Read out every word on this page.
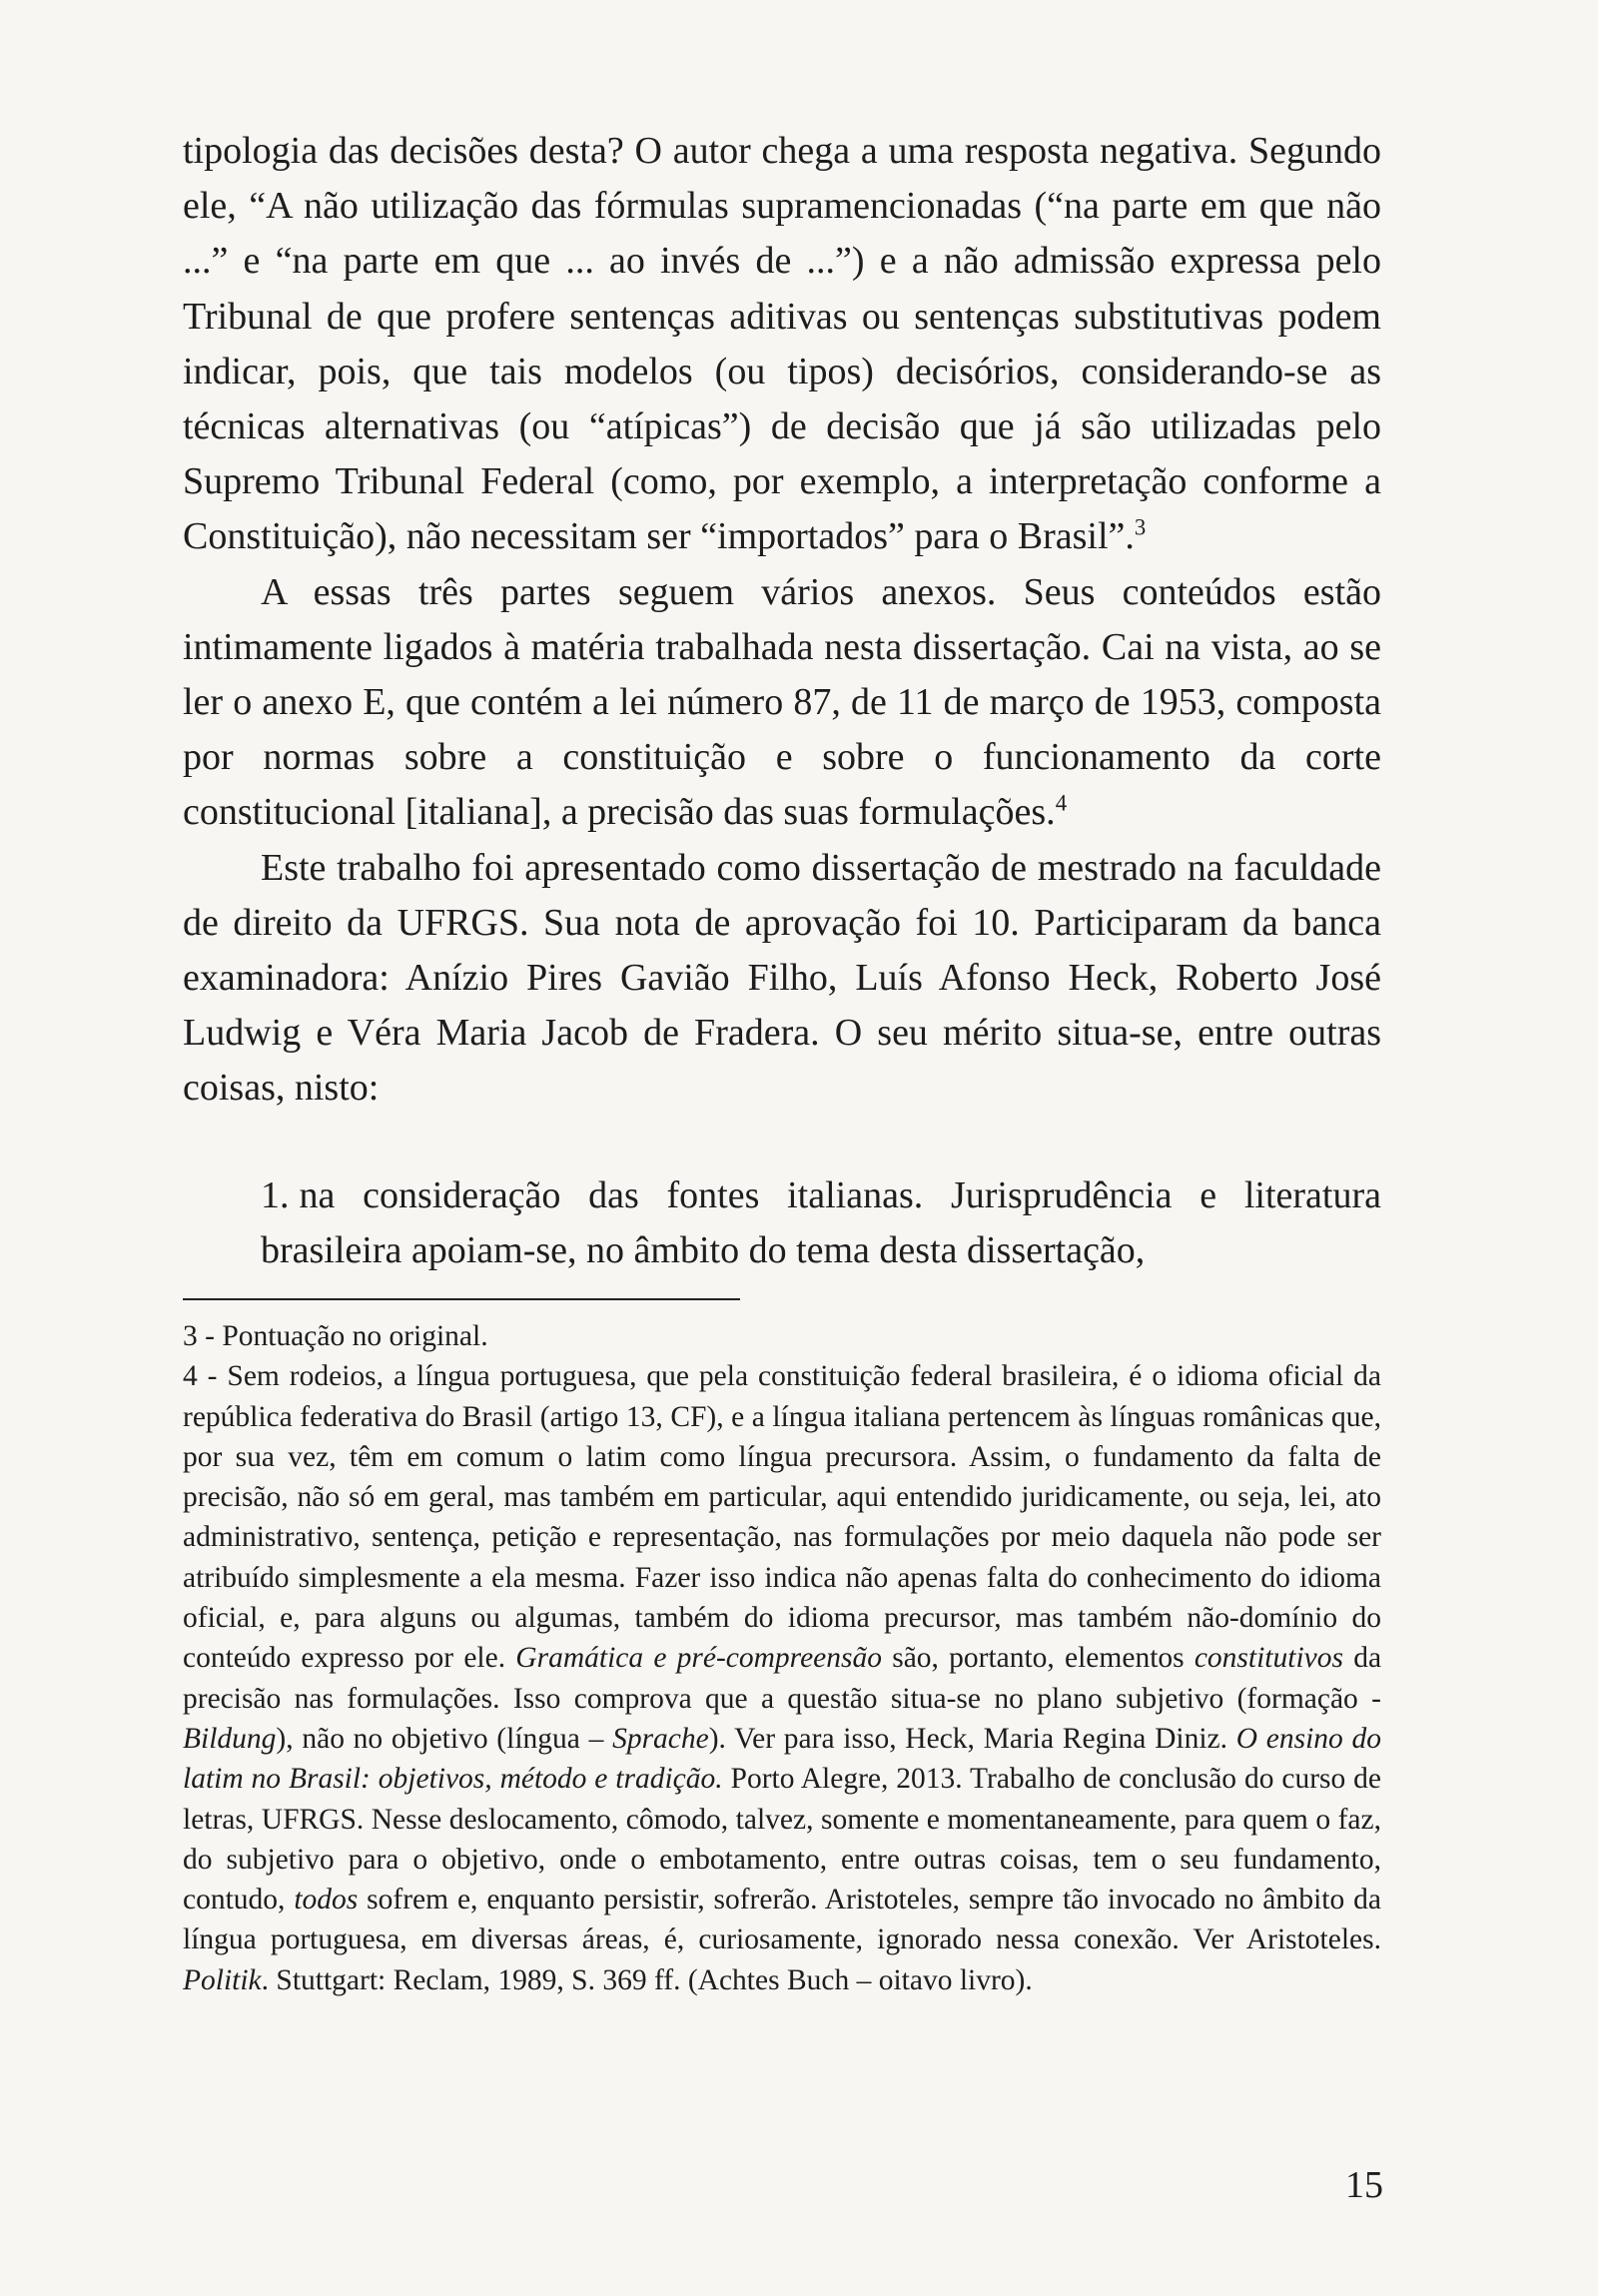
tipologia das decisões desta? O autor chega a uma resposta negativa. Segundo ele, “A não utilização das fórmulas supramencionadas (“na parte em que não ...” e “na parte em que ... ao invés de ...”) e a não admissão expressa pelo Tribunal de que profere sentenças aditivas ou sentenças substitutivas podem indicar, pois, que tais modelos (ou tipos) decisórios, considerando-se as técnicas alternativas (ou “atípicas”) de decisão que já são utilizadas pelo Supremo Tribunal Federal (como, por exemplo, a interpretação conforme a Constituição), não necessitam ser “importados” para o Brasil”.$^3$

A essas três partes seguem vários anexos. Seus conteúdos estão intimamente ligados à matéria trabalhada nesta dissertação. Cai na vista, ao se ler o anexo E, que contém a lei número 87, de 11 de março de 1953, composta por normas sobre a constituição e sobre o funcionamento da corte constitucional [italiana], a precisão das suas formulações.$^4$

Este trabalho foi apresentado como dissertação de mestrado na faculdade de direito da UFRGS. Sua nota de aprovação foi 10. Participaram da banca examinadora: Anízio Pires Gavião Filho, Luís Afonso Heck, Roberto José Ludwig e Véra Maria Jacob de Fradera. O seu mérito situa-se, entre outras coisas, nisto:

1. na consideração das fontes italianas. Jurisprudência e literatura brasileira apoiam-se, no âmbito do tema desta dissertação,

3 - Pontuação no original.

4 - Sem rodeios, a língua portuguesa, que pela constituição federal brasileira, é o idioma oficial da república federativa do Brasil (artigo 13, CF), e a língua italiana pertencem às línguas românicas que, por sua vez, têm em comum o latim como língua precursora. Assim, o fundamento da falta de precisão, não só em geral, mas também em particular, aqui entendido juridicamente, ou seja, lei, ato administrativo, sentença, petição e representação, nas formulações por meio daquela não pode ser atribuído simplesmente a ela mesma. Fazer isso indica não apenas falta do conhecimento do idioma oficial, e, para alguns ou algumas, também do idioma precursor, mas também não-domínio do conteúdo expresso por ele. Gramática e pré-compreensão são, portanto, elementos constitutivos da precisão nas formulações. Isso comprova que a questão situa-se no plano subjetivo (formação - Bildung), não no objetivo (língua – Sprache). Ver para isso, Heck, Maria Regina Diniz. O ensino do latim no Brasil: objetivos, método e tradição. Porto Alegre, 2013. Trabalho de conclusão do curso de letras, UFRGS. Nesse deslocamento, cômodo, talvez, somente e momentaneamente, para quem o faz, do subjetivo para o objetivo, onde o embotamento, entre outras coisas, tem o seu fundamento, contudo, todos sofrem e, enquanto persistir, sofrerão. Aristoteles, sempre tão invocado no âmbito da língua portuguesa, em diversas áreas, é, curiosamente, ignorado nessa conexão. Ver Aristoteles. Politik. Stuttgart: Reclam, 1989, S. 369 ff. (Achtes Buch – oitavo livro).

15
